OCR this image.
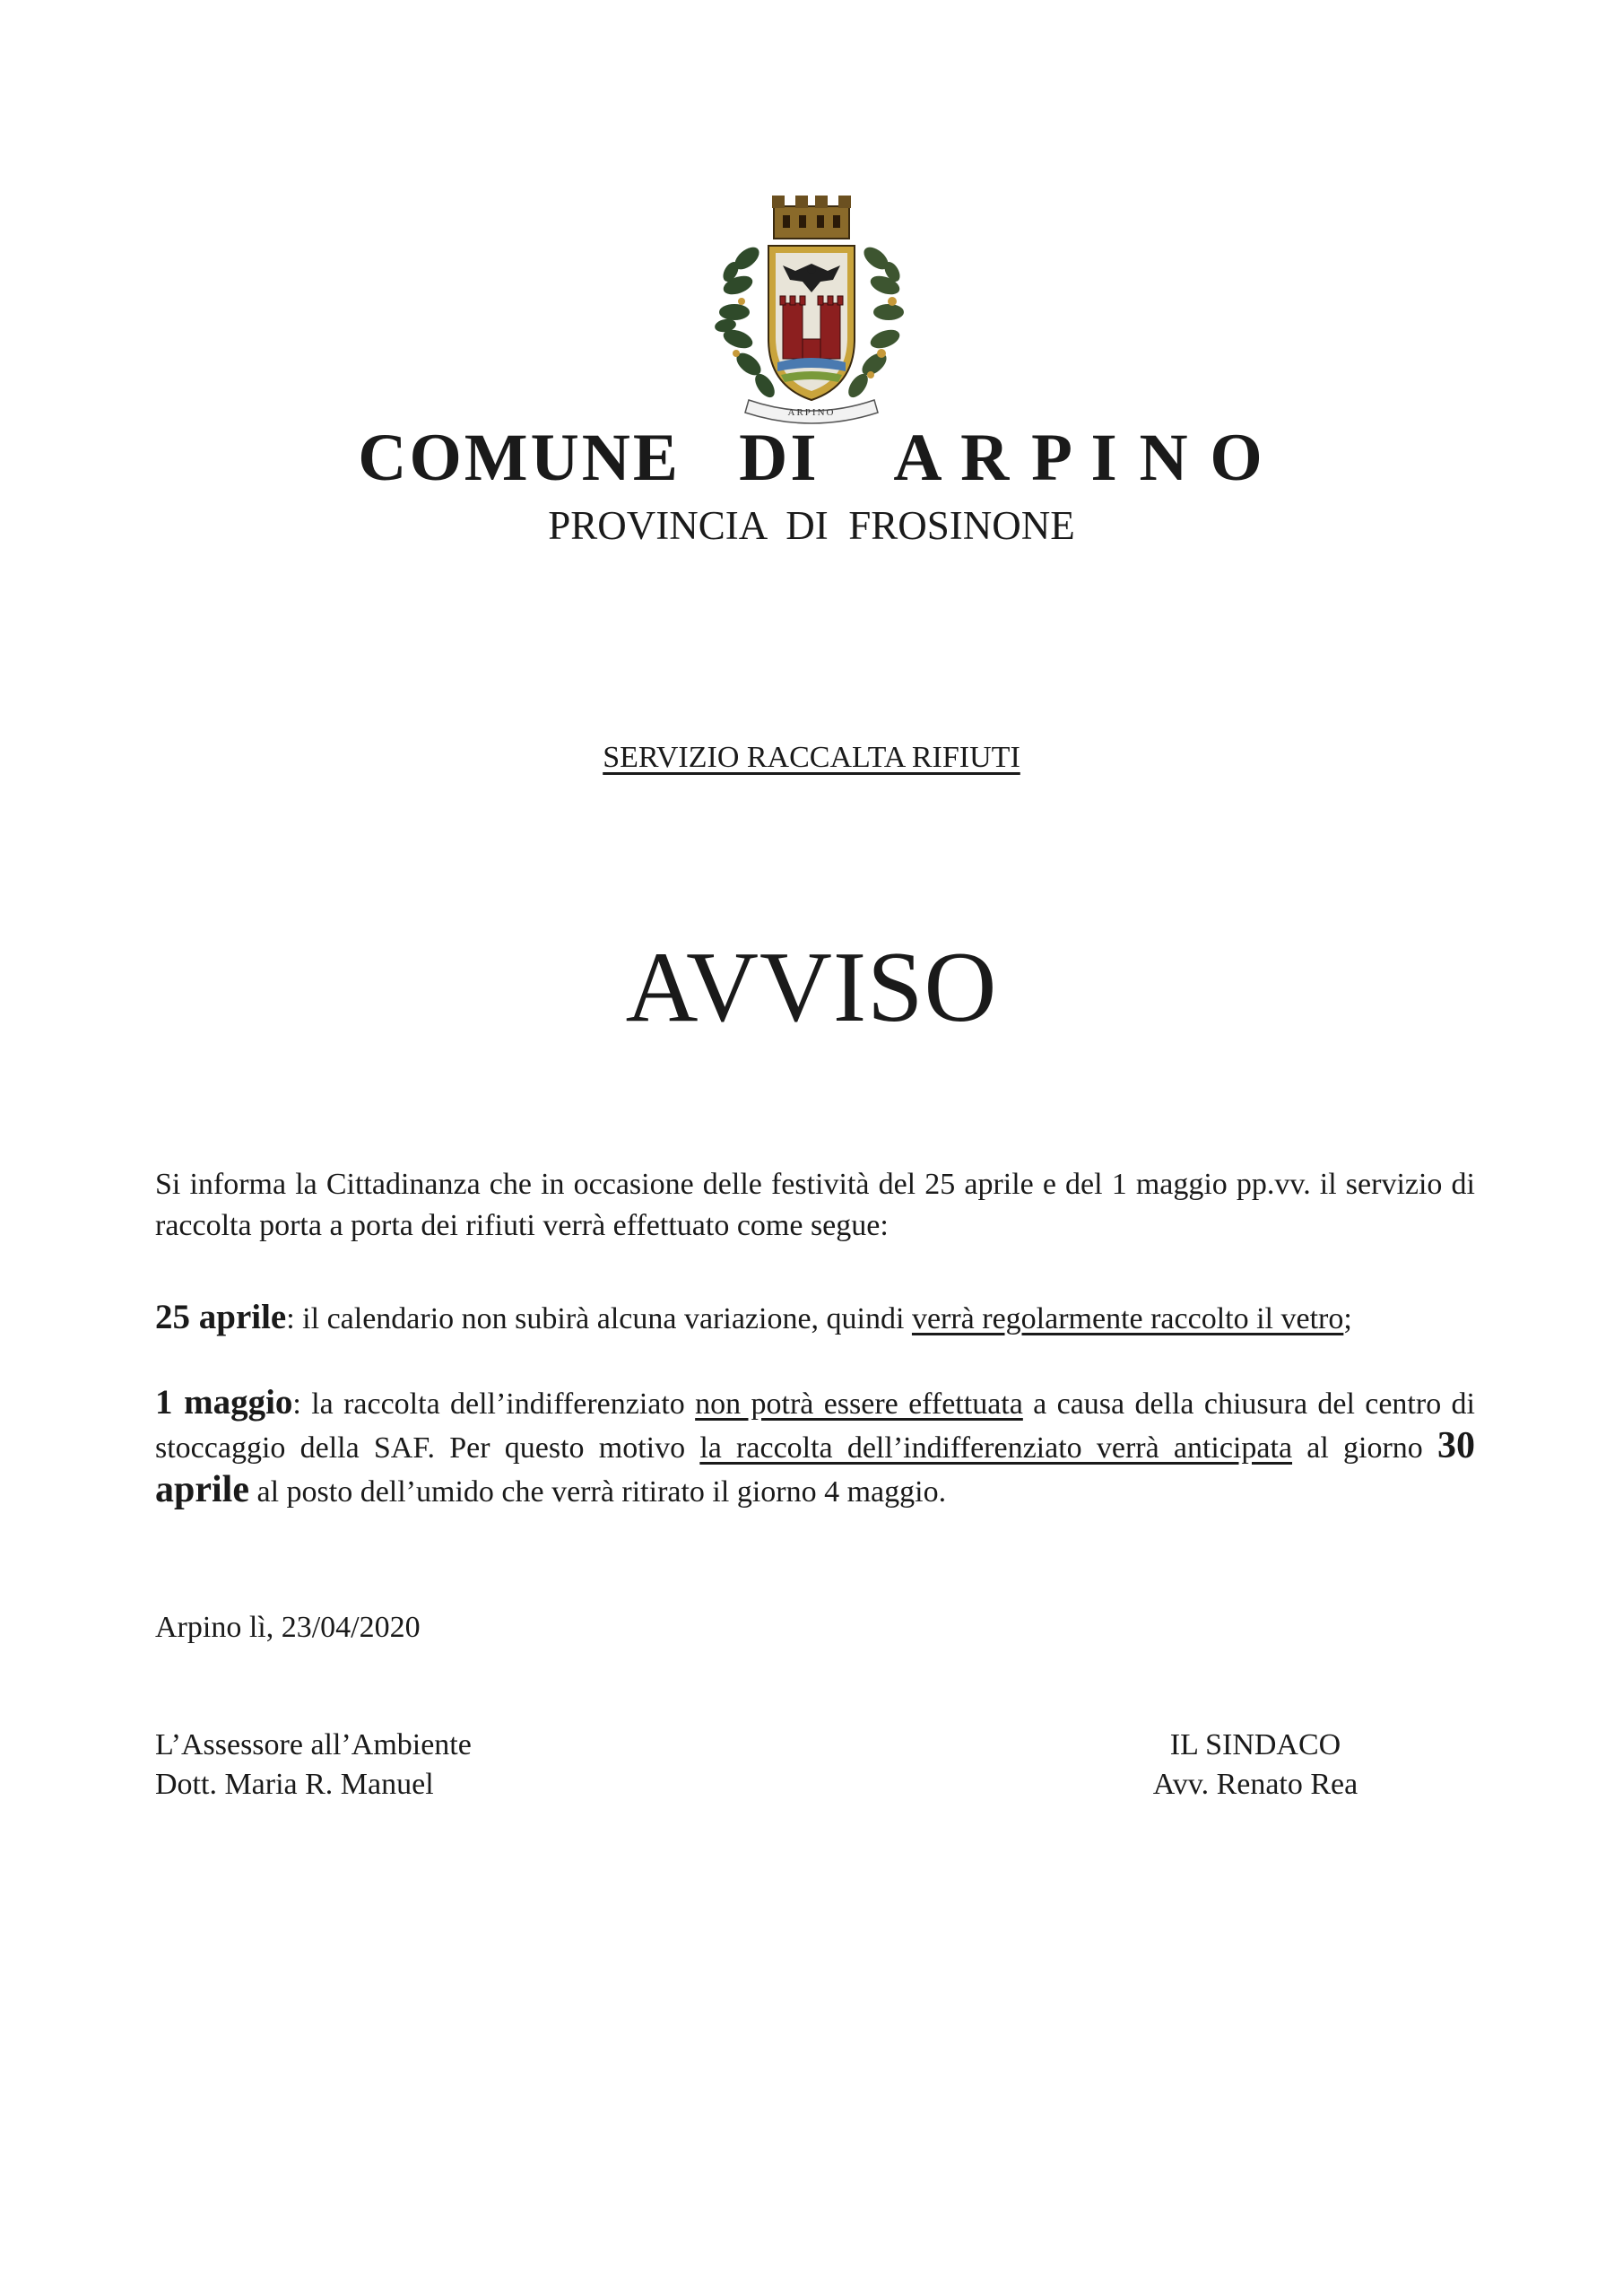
ARPINO
COMUNE   DI    A R P I N O
PROVINCIA  DI  FROSINONE
SERVIZIO RACCALTA RIFIUTI
AVVISO
Si informa la Cittadinanza che in occasione delle festività del 25 aprile e del 1 maggio pp.vv. il servizio di raccolta porta a porta dei rifiuti verrà effettuato come segue:
25 aprile: il calendario non subirà alcuna variazione, quindi verrà regolarmente raccolto il vetro;
1 maggio: la raccolta dell’indifferenziato non potrà essere effettuata a causa della chiusura del centro di stoccaggio della SAF. Per questo motivo la raccolta dell’indifferenziato verrà anticipata al giorno 30 aprile al posto dell’umido che verrà ritirato il giorno 4 maggio.
Arpino lì, 23/04/2020
L’Assessore all’Ambiente
Dott. Maria R. Manuel
IL SINDACO
Avv. Renato Rea
